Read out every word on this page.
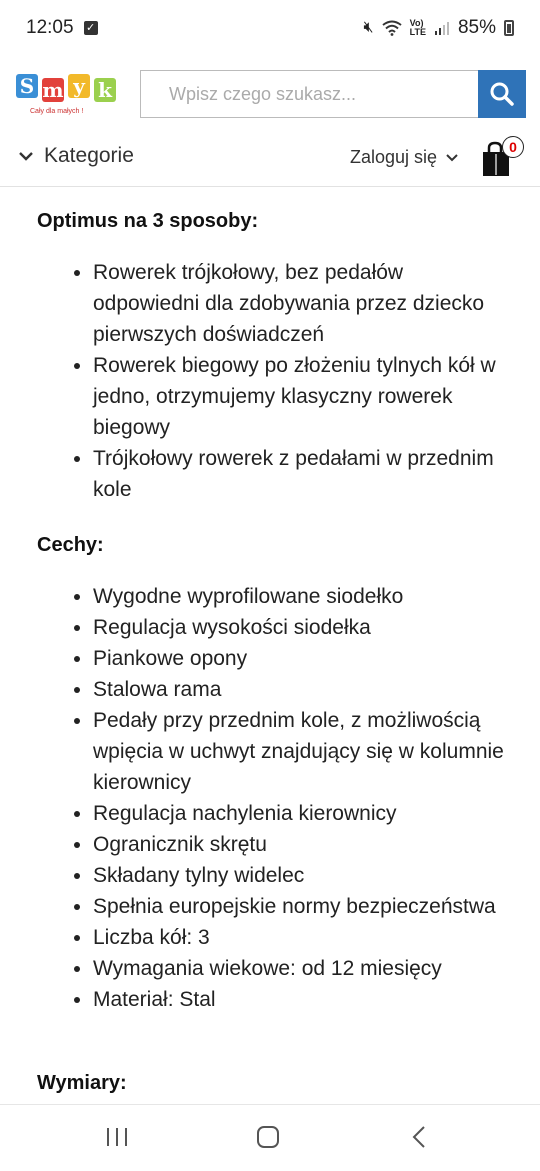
12:05 ✓	🔇︎	Vo)
LTE 85%
S m y k
Cały dla małych !
Wpisz czego szukasz...
Kategorie	Zaloguj się	0
Optimus na 3 sposoby:
• Rowerek trójkołowy, bez pedałów odpowiedni dla zdobywania przez dziecko pierwszych doświadczeń
• Rowerek biegowy po złożeniu tylnych kół w jedno, otrzymujemy klasyczny rowerek biegowy
• Trójkołowy rowerek z pedałami w przednim kole
Cechy:
• Wygodne wyprofilowane siodełko
• Regulacja wysokości siodełka
• Piankowe opony
• Stalowa rama
• Pedały przy przednim kole, z możliwością wpięcia w uchwyt znajdujący się w kolumnie kierownicy
• Regulacja nachylenia kierownicy
• Ogranicznik skrętu
• Składany tylny widelec
• Spełnia europejskie normy bezpieczeństwa
• Liczba kół: 3
• Wymagania wiekowe: od 12 miesięcy
• Materiał: Stal
Wymiary:
